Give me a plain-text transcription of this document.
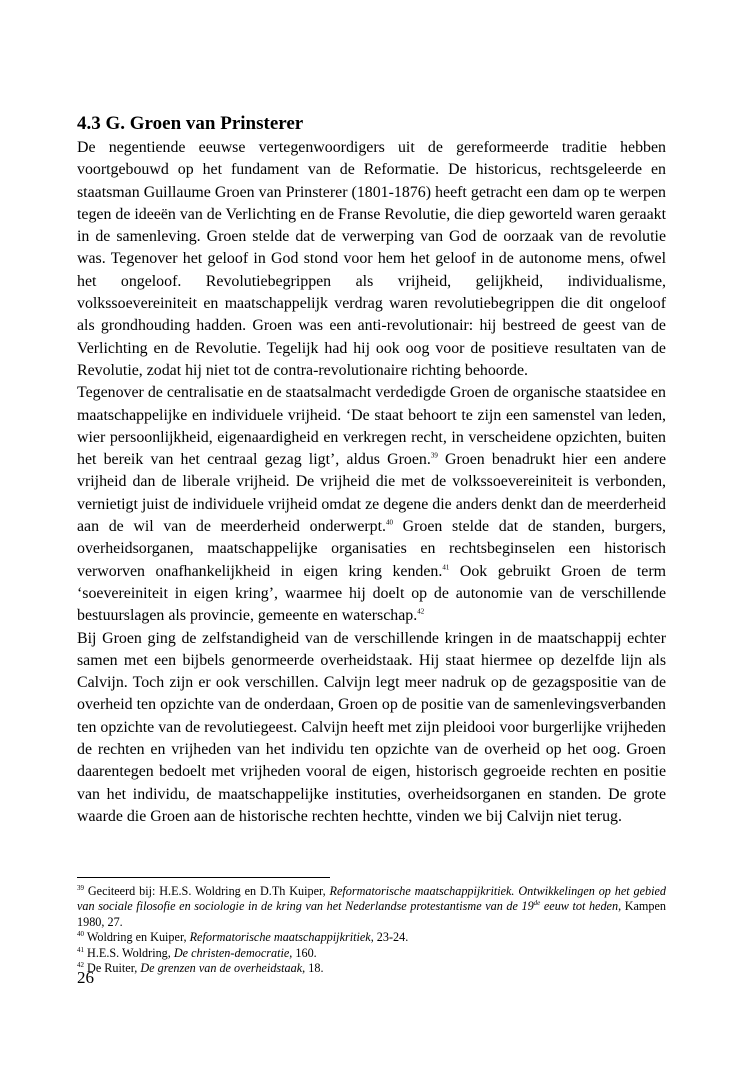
4.3 G. Groen van Prinsterer

De negentiende eeuwse vertegenwoordigers uit de gereformeerde traditie hebben voortgebouwd op het fundament van de Reformatie. De historicus, rechtsgeleerde en staatsman Guillaume Groen van Prinsterer (1801-1876) heeft getracht een dam op te werpen tegen de ideeën van de Verlichting en de Franse Revolutie, die diep geworteld waren geraakt in de samenleving. Groen stelde dat de verwerping van God de oorzaak van de revolutie was. Tegenover het geloof in God stond voor hem het geloof in de autonome mens, ofwel het ongeloof. Revolutiebegrippen als vrijheid, gelijkheid, individualisme, volkssoevereiniteit en maatschappelijk verdrag waren revolutiebegrippen die dit ongeloof als grondhouding hadden. Groen was een anti-revolutionair: hij bestreed de geest van de Verlichting en de Revolutie. Tegelijk had hij ook oog voor de positieve resultaten van de Revolutie, zodat hij niet tot de contra-revolutionaire richting behoorde.

Tegenover de centralisatie en de staatsalmacht verdedigde Groen de organische staatsidee en maatschappelijke en individuele vrijheid. ‘De staat behoort te zijn een samenstel van leden, wier persoonlijkheid, eigenaardigheid en verkregen recht, in verscheidene opzichten, buiten het bereik van het centraal gezag ligt’, aldus Groen.$^{39}$ Groen benadrukt hier een andere vrijheid dan de liberale vrijheid. De vrijheid die met de volkssoevereiniteit is verbonden, vernietigt juist de individuele vrijheid omdat ze degene die anders denkt dan de meerderheid aan de wil van de meerderheid onderwerpt.$^{40}$ Groen stelde dat de standen, burgers, overheidsorganen, maatschappelijke organisaties en rechtsbeginselen een historisch verworven onafhankelijkheid in eigen kring kenden.$^{41}$ Ook gebruikt Groen de term ‘soevereiniteit in eigen kring’, waarmee hij doelt op de autonomie van de verschillende bestuurslagen als provincie, gemeente en waterschap.$^{42}$

Bij Groen ging de zelfstandigheid van de verschillende kringen in de maatschappij echter samen met een bijbels genormeerde overheidstaak. Hij staat hiermee op dezelfde lijn als Calvijn. Toch zijn er ook verschillen. Calvijn legt meer nadruk op de gezagspositie van de overheid ten opzichte van de onderdaan, Groen op de positie van de samenlevingsverbanden ten opzichte van de revolutiegeest. Calvijn heeft met zijn pleidooi voor burgerlijke vrijheden de rechten en vrijheden van het individu ten opzichte van de overheid op het oog. Groen daarentegen bedoelt met vrijheden vooral de eigen, historisch gegroeide rechten en positie van het individu, de maatschappelijke instituties, overheidsorganen en standen. De grote waarde die Groen aan de historische rechten hechtte, vinden we bij Calvijn niet terug.

$^{39}$ Geciteerd bij: H.E.S. Woldring en D.Th Kuiper, Reformatorische maatschappijkritiek. Ontwikkelingen op het gebied van sociale filosofie en sociologie in de kring van het Nederlandse protestantisme van de 19de eeuw tot heden, Kampen 1980, 27.

$^{40}$ Woldring en Kuiper, Reformatorische maatschappijkritiek, 23-24.

$^{41}$ H.E.S. Woldring, De christen-democratie, 160.

$^{42}$ De Ruiter, De grenzen van de overheidstaak, 18.

26
